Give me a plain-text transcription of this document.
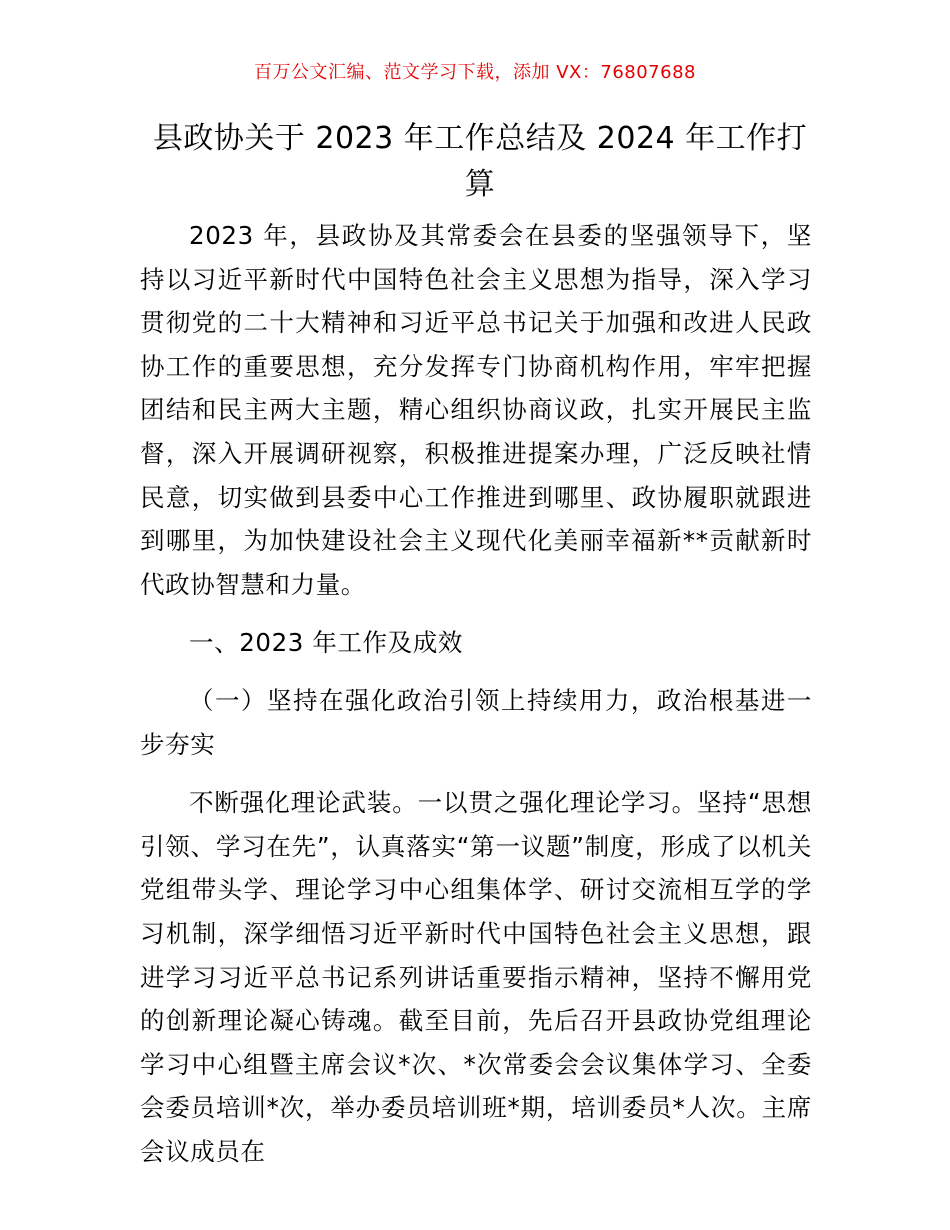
百万公文汇编、范文学习下载，添加 VX：76807688
县政协关于 2023 年工作总结及 2024 年工作打算

2023 年，县政协及其常委会在县委的坚强领导下，坚持以习近平新时代中国特色社会主义思想为指导，深入学习贯彻党的二十大精神和习近平总书记关于加强和改进人民政协工作的重要思想，充分发挥专门协商机构作用，牢牢把握团结和民主两大主题，精心组织协商议政，扎实开展民主监督，深入开展调研视察，积极推进提案办理，广泛反映社情民意，切实做到县委中心工作推进到哪里、政协履职就跟进到哪里，为加快建设社会主义现代化美丽幸福新**贡献新时代政协智慧和力量。

一、2023 年工作及成效

（一）坚持在强化政治引领上持续用力，政治根基进一步夯实

不断强化理论武装。一以贯之强化理论学习。坚持“思想引领、学习在先”，认真落实“第一议题”制度，形成了以机关党组带头学、理论学习中心组集体学、研讨交流相互学的学习机制，深学细悟习近平新时代中国特色社会主义思想，跟进学习习近平总书记系列讲话重要指示精神，坚持不懈用党的创新理论凝心铸魂。截至目前，先后召开县政协党组理论学习中心组暨主席会议*次、*次常委会会议集体学习、全委会委员培训*次，举办委员培训班*期，培训委员*人次。主席会议成员在
